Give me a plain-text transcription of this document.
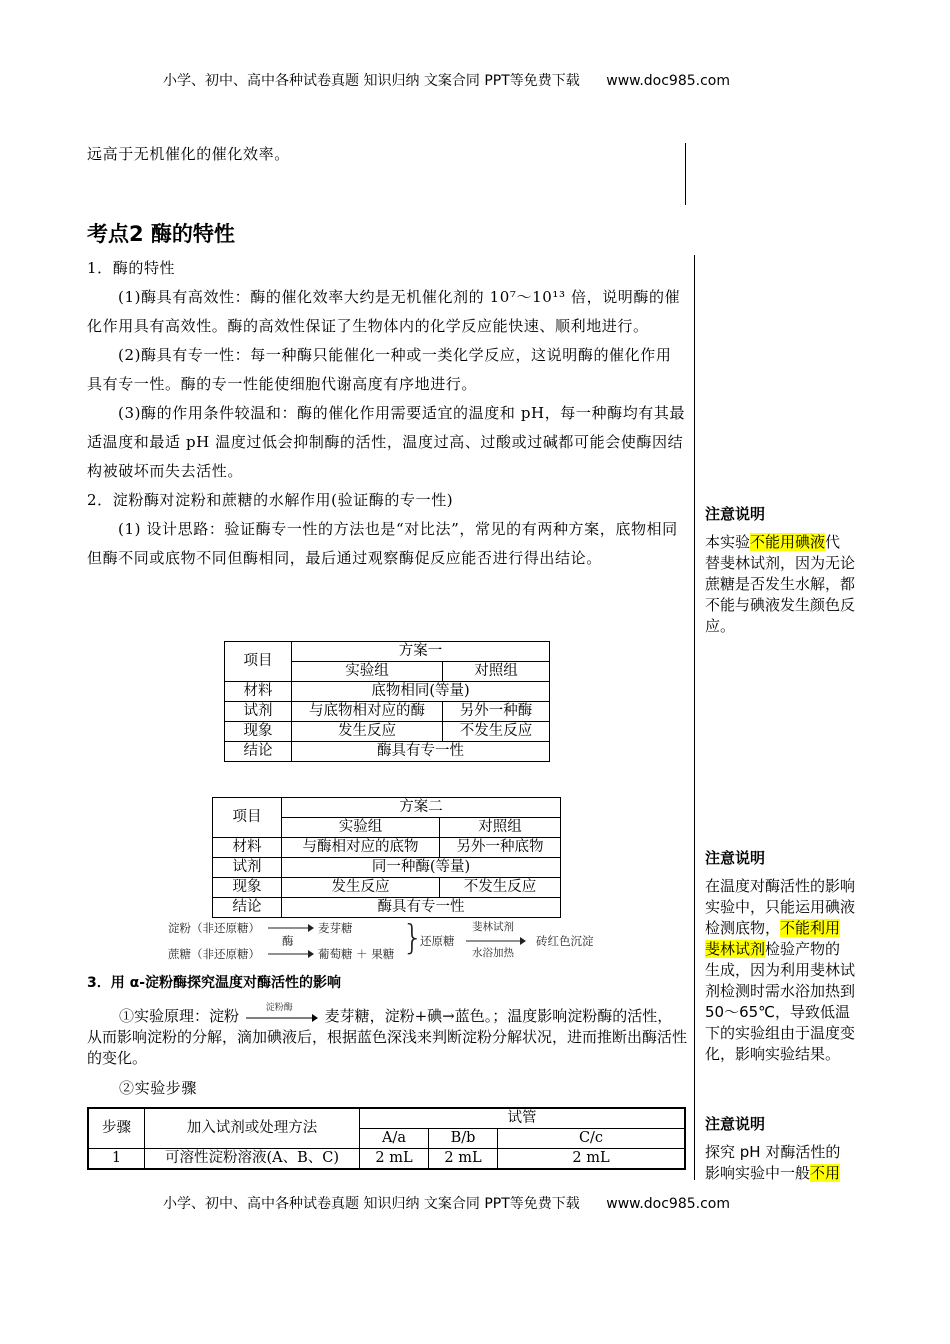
小学、初中、高中各种试卷真题 知识归纳 文案合同 PPT等免费下载 www.doc985.com
远高于无机催化的催化效率。
考点2 酶的特性

1．酶的特性

(1)酶具有高效性：酶的催化效率大约是无机催化剂的 10⁷～10¹³ 倍，说明酶的催化作用具有高效性。酶的高效性保证了生物体内的化学反应能快速、顺利地进行。

(2)酶具有专一性：每一种酶只能催化一种或一类化学反应，这说明酶的催化作用具有专一性。酶的专一性能使细胞代谢高度有序地进行。

(3)酶的作用条件较温和：酶的催化作用需要适宜的温度和 pH，每一种酶均有其最适温度和最适 pH 温度过低会抑制酶的活性，温度过高、过酸或过碱都可能会使酶因结构被破坏而失去活性。

2．淀粉酶对淀粉和蔗糖的水解作用(验证酶的专一性)

(1) 设计思路：验证酶专一性的方法也是“对比法”，常见的有两种方案，底物相同但酶不同或底物不同但酶相同，最后通过观察酶促反应能否进行得出结论。

项目	方案一	
	实验组	对照组
材料	底物相同(等量)	
试剂	与底物相对应的酶	另外一种酶
现象	发生反应	不发生反应
结论	酶具有专一性	
项目	方案二	
	实验组	对照组
材料	与酶相对应的底物	另外一种底物
试剂	同一种酶(等量)	
现象	发生反应	不发生反应
结论	酶具有专一性	
淀粉（非还原糖）	麦芽糖
酶
蔗糖（非还原糖）	葡萄糖 ＋ 果糖 }
还原糖
斐林试剂
水浴加热
砖红色沉淀
3．用 α-淀粉酶探究温度对酶活性的影响
①实验原理：淀粉	淀粉酶 麦芽糖，淀粉+碘→蓝色。；温度影响淀粉酶的活性，从而影响淀粉的分解，滴加碘液后，根据蓝色深浅来判断淀粉分解状况，进而推断出酶活性的变化。
②实验步骤
步骤	加入试剂或处理方法	试管		
		A/a	B/b	C/c
1	可溶性淀粉溶液(A、B、C)	2 mL	2 mL	2 mL
注意说明
本实验不能用碘液代替斐林试剂，因为无论蔗糖是否发生水解，都不能与碘液发生颜色反应。
注意说明
在温度对酶活性的影响实验中，只能运用碘液检测底物，不能利用斐林试剂检验产物的生成，因为利用斐林试剂检测时需水浴加热到 50～65℃，导致低温下的实验组由于温度变化，影响实验结果。
注意说明
探究 pH 对酶活性的影响实验中一般不用
小学、初中、高中各种试卷真题 知识归纳 文案合同 PPT等免费下载 www.doc985.com
